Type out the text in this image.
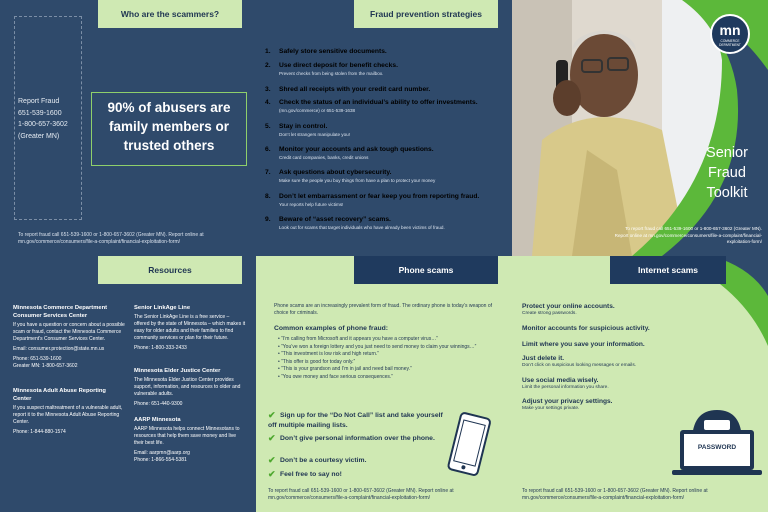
Who are the scammers?
Report Fraud
651-539-1600
1-800-657-3602
(Greater MN)
90% of abusers are family members or trusted others
To report fraud call 651-539-1600 or 1-800-657-3602 (Greater MN). Report online at mn.gov/commerce/consumers/file-a-complaint/financial-exploitation-form/
Fraud prevention strategies
1. Safely store sensitive documents.
2. Use direct deposit for benefit checks.
Prevent checks from being stolen from the mailbox.
3. Shred all receipts with your credit card number.
4. Check the status of an individual’s ability to offer investments.
(mn.gov/commerce) or 651-539-1638
5. Stay in control.
Don’t let strangers manipulate you!
6. Monitor your accounts and ask tough questions.
Credit card companies, banks, credit unions
7. Ask questions about cybersecurity.
Make sure the people you buy things from have a plan to protect your money
8. Don’t let embarrassment or fear keep you from reporting fraud.
Your reports help future victims!
9. Beware of “asset recovery” scams.
Look out for scams that target individuals who have already been victims of fraud.
mn
COMMERCE DEPARTMENT
Senior
Fraud
Toolkit
To report fraud call 651-539-1600 or 1-800-657-3602 (Greater MN). Report online at mn.gov/commerce/consumers/file-a-complaint/financial-exploitation-form/
Resources
Minnesota Commerce Department Consumer Services Center
If you have a question or concern about a possible scam or fraud, contact the Minnesota Commerce Department’s Consumer Services Center.
Email: consumer.protection@state.mn.us
Phone: 651-539-1600
Greater MN: 1-800-657-3602
Minnesota Adult Abuse Reporting Center
If you suspect maltreatment of a vulnerable adult, report it to the Minnesota Adult Abuse Reporting Center.
Phone: 1-844-880-1574
Senior LinkAge Line
The Senior LinkAge Line is a free service – offered by the state of Minnesota – which makes it easy for older adults and their families to find community services or plan for their future.
Phone: 1-800-333-2433
Minnesota Elder Justice Center
The Minnesota Elder Justice Center provides support, information, and resources to older and vulnerable adults.
Phone: 651-440-9300
AARP Minnesota
AARP Minnesota helps connect Minnesotans to resources that help them save money and live their best life.
Email: aarpmn@aarp.org
Phone: 1-866-554-5381
Phone scams
Phone scams are an increasingly prevalent form of fraud. The ordinary phone is today’s weapon of choice for criminals.
Common examples of phone fraud:
• “I’m calling from Microsoft and it appears you have a computer virus…”
• “You’ve won a foreign lottery and you just need to send money to claim your winnings…”
• “This investment is low risk and high return.”
• “This offer is good for today only.”
• “This is your grandson and I’m in jail and need bail money.”
• “You owe money and face serious consequences.”
To report fraud call 651-539-1600 or 1-800-657-3602 (Greater MN). Report online at mn.gov/commerce/consumers/file-a-complaint/financial-exploitation-form/
✔ Sign up for the “Do Not Call” list and take yourself off multiple mailing lists.
✔ Don’t give personal information over the phone.
✔ Don’t be a courtesy victim.
✔ Feel free to say no!
Internet scams
PASSWORD
To report fraud call 651-539-1600 or 1-800-657-3602 (Greater MN). Report online at mn.gov/commerce/consumers/file-a-complaint/financial-exploitation-form/
Protect your online accounts.
Create strong passwords.
Monitor accounts for suspicious activity.
Limit where you save your information.
Just delete it.
Don’t click on suspicious looking messages or emails.
Use social media wisely.
Limit the personal information you share.
Adjust your privacy settings.
Make your settings private.
